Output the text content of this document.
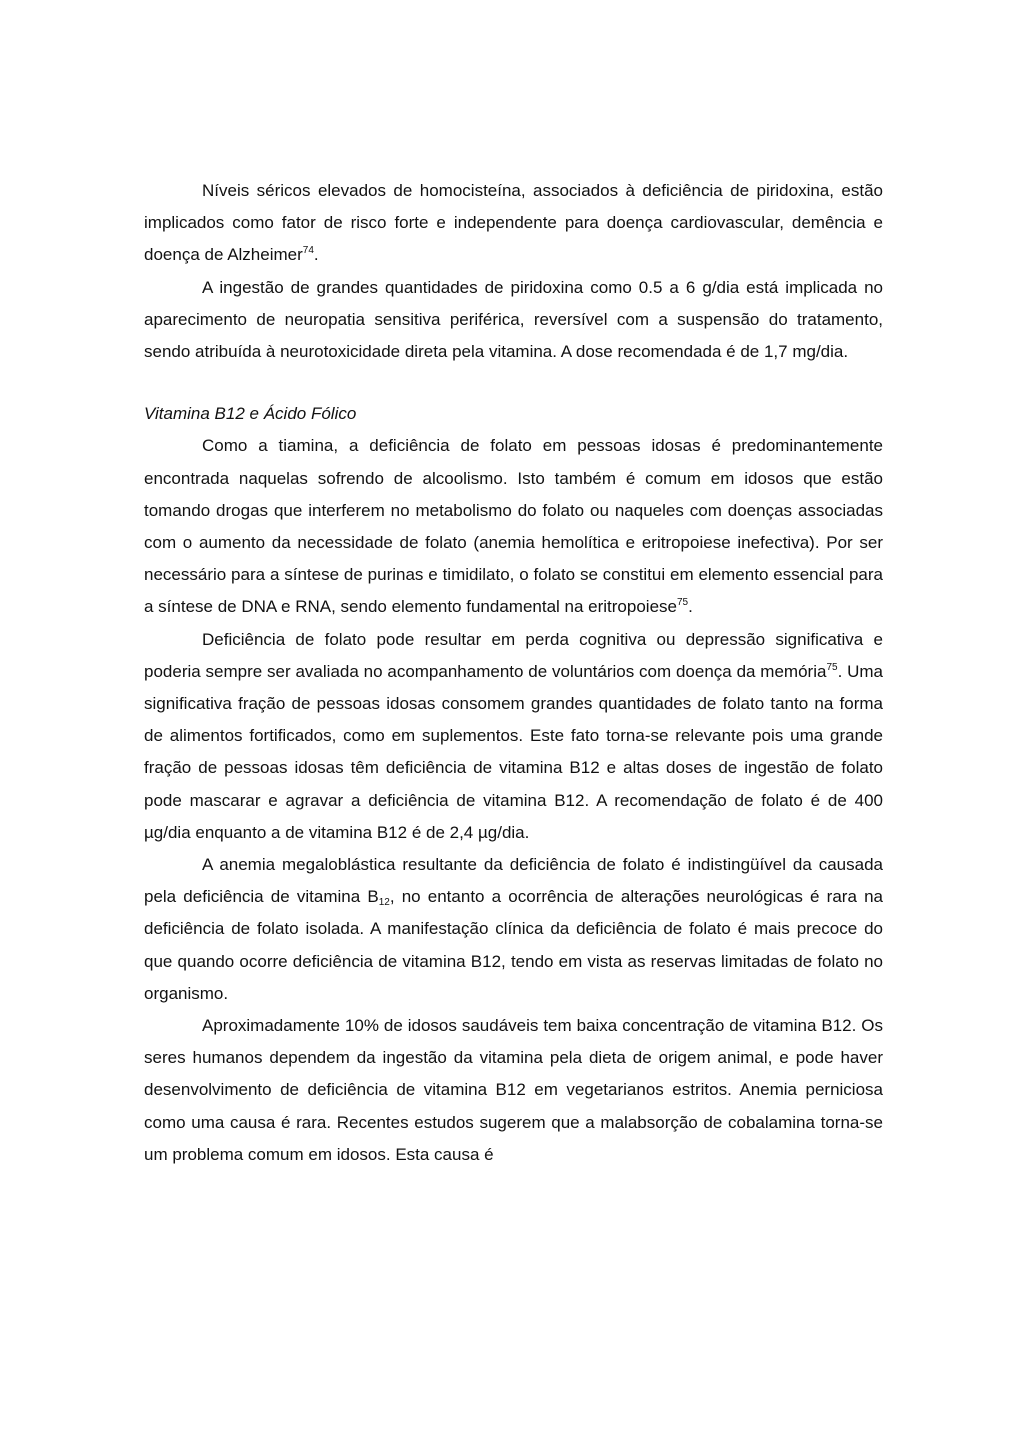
Níveis séricos elevados de homocisteína, associados à deficiência de piridoxina, estão implicados como fator de risco forte e independente para doença cardiovascular, demência e doença de Alzheimer$^{74}$.

A ingestão de grandes quantidades de piridoxina como 0.5 a 6 g/dia está implicada no aparecimento de neuropatia sensitiva periférica, reversível com a suspensão do tratamento, sendo atribuída à neurotoxicidade direta pela vitamina. A dose recomendada é de 1,7 mg/dia.

Vitamina B12 e Ácido Fólico

Como a tiamina, a deficiência de folato em pessoas idosas é predominantemente encontrada naquelas sofrendo de alcoolismo. Isto também é comum em idosos que estão tomando drogas que interferem no metabolismo do folato ou naqueles com doenças associadas com o aumento da necessidade de folato (anemia hemolítica e eritropoiese inefectiva). Por ser necessário para a síntese de purinas e timidilato, o folato se constitui em elemento essencial para a síntese de DNA e RNA, sendo elemento fundamental na eritropoiese$^{75}$.

Deficiência de folato pode resultar em perda cognitiva ou depressão significativa e poderia sempre ser avaliada no acompanhamento de voluntários com doença da memória$^{75}$. Uma significativa fração de pessoas idosas consomem grandes quantidades de folato tanto na forma de alimentos fortificados, como em suplementos. Este fato torna-se relevante pois uma grande fração de pessoas idosas têm deficiência de vitamina B12 e altas doses de ingestão de folato pode mascarar e agravar a deficiência de vitamina B12. A recomendação de folato é de 400 µg/dia enquanto a de vitamina B12 é de 2,4 µg/dia.

A anemia megaloblástica resultante da deficiência de folato é indistingüível da causada pela deficiência de vitamina $B_{12}$, no entanto a ocorrência de alterações neurológicas é rara na deficiência de folato isolada. A manifestação clínica da deficiência de folato é mais precoce do que quando ocorre deficiência de vitamina B12, tendo em vista as reservas limitadas de folato no organismo.

Aproximadamente 10% de idosos saudáveis tem baixa concentração de vitamina B12. Os seres humanos dependem da ingestão da vitamina pela dieta de origem animal, e pode haver desenvolvimento de deficiência de vitamina B12 em vegetarianos estritos. Anemia perniciosa como uma causa é rara. Recentes estudos sugerem que a malabsorção de cobalamina torna-se um problema comum em idosos. Esta causa é
